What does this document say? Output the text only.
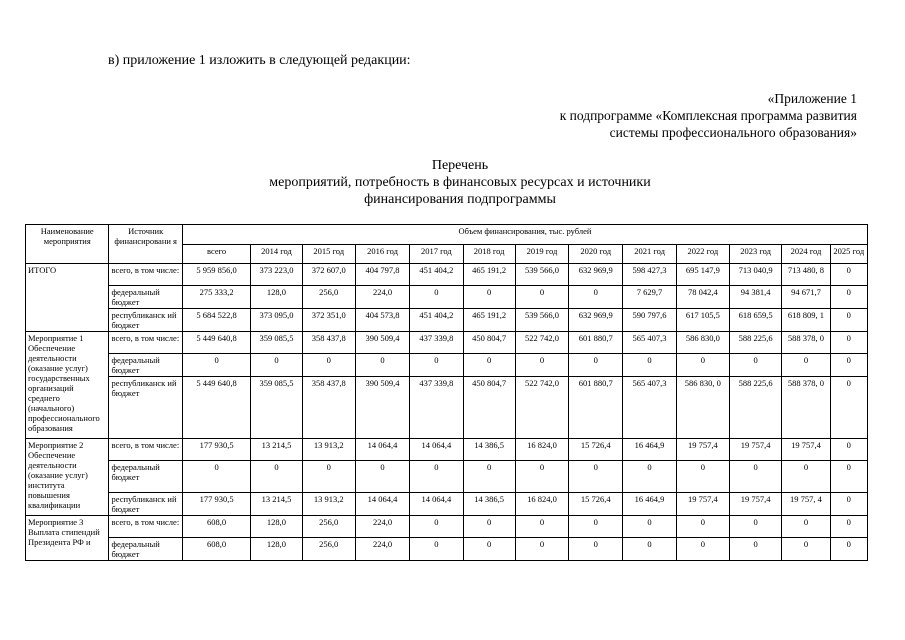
в) приложение 1 изложить в следующей редакции:
«Приложение 1
к подпрограмме «Комплексная программа развития
системы профессионального образования»
Перечень
мероприятий, потребность в финансовых ресурсах и источники
финансирования подпрограммы
Наименование мероприятия	Источник финансировани я	Объем финансирования, тыс. рублей												
		всего	2014 год	2015 год	2016 год	2017 год	2018 год	2019 год	2020 год	2021 год	2022 год	2023 год	2024 год	2025 год
ИТОГО	всего, в том числе:	5 959 856,0	373 223,0	372 607,0	404 797,8	451 404,2	465 191,2	539 566,0	632 969,9	598 427,3	695 147,9	713 040,9	713 480, 8	0
	федеральный бюджет	275 333,2	128,0	256,0	224,0	0	0	0	0	7 629,7	78 042,4	94 381,4	94 671,7	0
	республиканск ий бюджет	5 684 522,8	373 095,0	372 351,0	404 573,8	451 404,2	465 191,2	539 566,0	632 969,9	590 797,6	617 105,5	618 659,5	618 809, 1	0
Мероприятие 1 Обеспечение деятельности (оказание услуг) государственных организаций среднего (начального) профессионального образования	всего, в том числе:	5 449 640,8	359 085,5	358 437,8	390 509,4	437 339,8	450 804,7	522 742,0	601 880,7	565 407,3	586 830,0	588 225,6	588 378, 0	0
	федеральный бюджет	0	0	0	0	0	0	0	0	0	0	0	0	0
	республиканск ий бюджет	5 449 640,8	359 085,5	358 437,8	390 509,4	437 339,8	450 804,7	522 742,0	601 880,7	565 407,3	586 830, 0	588 225,6	588 378, 0	0
Мероприятие 2 Обеспечение деятельности (оказание услуг) института повышения квалификации	всего, в том числе:	177 930,5	13 214,5	13 913,2	14 064,4	14 064,4	14 386,5	16 824,0	15 726,4	16 464,9	19 757,4	19 757,4	19 757,4	0
	федеральный бюджет	0	0	0	0	0	0	0	0	0	0	0	0	0
	республиканск ий бюджет	177 930,5	13 214,5	13 913,2	14 064,4	14 064,4	14 386,5	16 824,0	15 726,4	16 464,9	19 757,4	19 757,4	19 757, 4	0
Мероприятие 3 Выплата стипендий Президента РФ и	всего, в том числе:	608,0	128,0	256,0	224,0	0	0	0	0	0	0	0	0	0
	федеральный бюджет	608,0	128,0	256,0	224,0	0	0	0	0	0	0	0	0	0
